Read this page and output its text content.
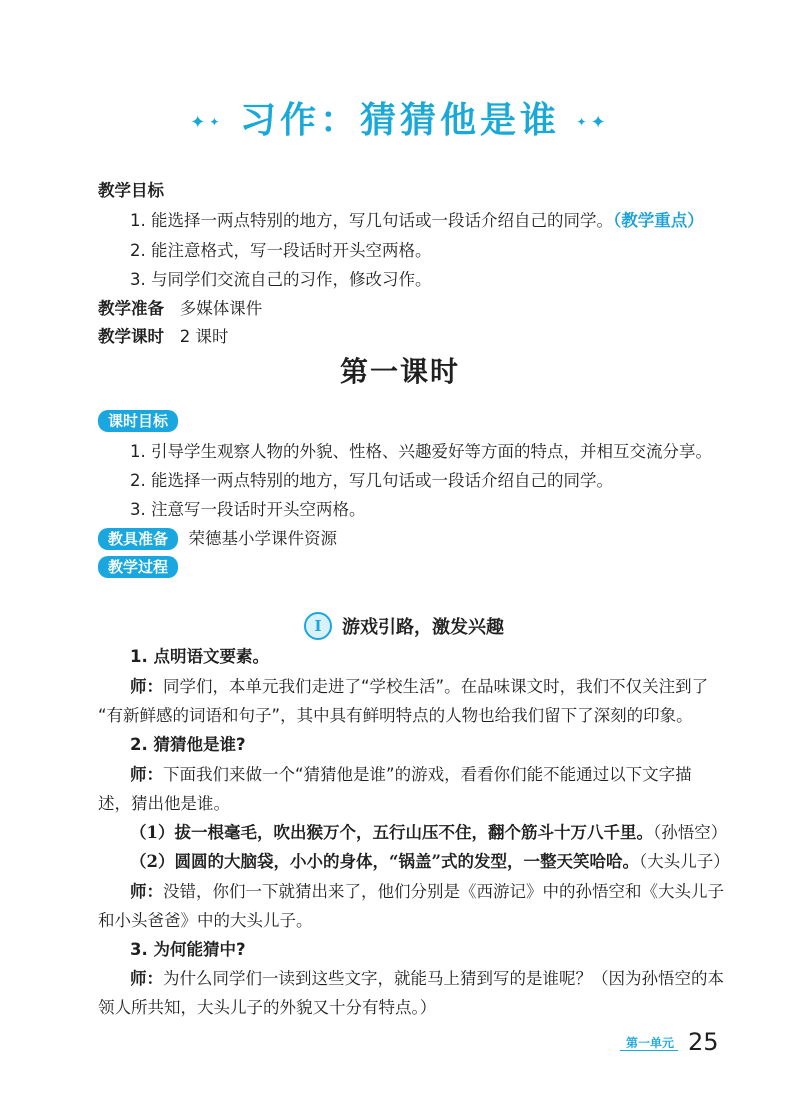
✦✦ 习作：猜猜他是谁 ✦✦
教学目标
1. 能选择一两点特别的地方，写几句话或一段话介绍自己的同学。（教学重点）
2. 能注意格式，写一段话时开头空两格。
3. 与同学们交流自己的习作，修改习作。
教学准备 多媒体课件
教学课时 2 课时
第一课时
课时目标
1. 引导学生观察人物的外貌、性格、兴趣爱好等方面的特点，并相互交流分享。
2. 能选择一两点特别的地方，写几句话或一段话介绍自己的同学。
3. 注意写一段话时开头空两格。
教具准备 荣德基小学课件资源
教学过程
I	游戏引路，激发兴趣
1. 点明语文要素。
师：同学们，本单元我们走进了“学校生活”。在品味课文时，我们不仅关注到了
“有新鲜感的词语和句子”，其中具有鲜明特点的人物也给我们留下了深刻的印象。
2. 猜猜他是谁?
师：下面我们来做一个“猜猜他是谁”的游戏，看看你们能不能通过以下文字描
述，猜出他是谁。
（1）拔一根毫毛，吹出猴万个，五行山压不住，翻个筋斗十万八千里。（孙悟空）
（2）圆圆的大脑袋，小小的身体，“锅盖”式的发型，一整天笑哈哈。（大头儿子）
师：没错，你们一下就猜出来了，他们分别是《西游记》中的孙悟空和《大头儿子
和小头爸爸》中的大头儿子。
3. 为何能猜中?
师：为什么同学们一读到这些文字，就能马上猜到写的是谁呢？（因为孙悟空的本
领人所共知，大头儿子的外貌又十分有特点。）
第一单元 25
